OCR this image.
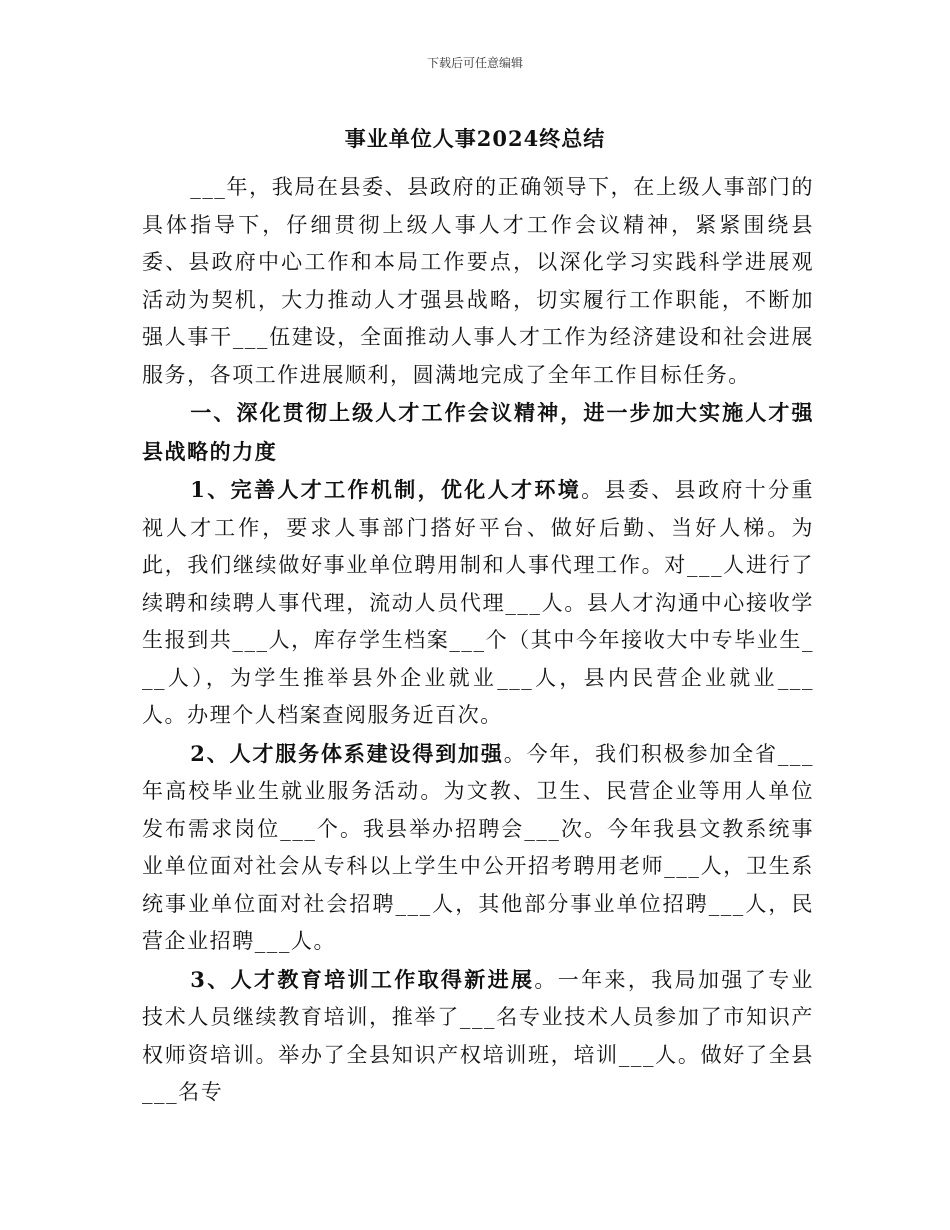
下载后可任意编辑
事业单位人事2024终总结

___年，我局在县委、县政府的正确领导下，在上级人事部门的具体指导下，仔细贯彻上级人事人才工作会议精神，紧紧围绕县委、县政府中心工作和本局工作要点，以深化学习实践科学进展观活动为契机，大力推动人才强县战略，切实履行工作职能，不断加强人事干___伍建设，全面推动人事人才工作为经济建设和社会进展服务，各项工作进展顺利，圆满地完成了全年工作目标任务。

一、深化贯彻上级人才工作会议精神，进一步加大实施人才强县战略的力度

1、完善人才工作机制，优化人才环境。县委、县政府十分重视人才工作，要求人事部门搭好平台、做好后勤、当好人梯。为此，我们继续做好事业单位聘用制和人事代理工作。对___人进行了续聘和续聘人事代理，流动人员代理___人。县人才沟通中心接收学生报到共___人，库存学生档案___个（其中今年接收大中专毕业生___人），为学生推举县外企业就业___人，县内民营企业就业___人。办理个人档案查阅服务近百次。

2、人才服务体系建设得到加强。今年，我们积极参加全省___年高校毕业生就业服务活动。为文教、卫生、民营企业等用人单位发布需求岗位___个。我县举办招聘会___次。今年我县文教系统事业单位面对社会从专科以上学生中公开招考聘用老师___人，卫生系统事业单位面对社会招聘___人，其他部分事业单位招聘___人，民营企业招聘___人。

3、人才教育培训工作取得新进展。一年来，我局加强了专业技术人员继续教育培训，推举了___名专业技术人员参加了市知识产权师资培训。举办了全县知识产权培训班，培训___人。做好了全县___名专
